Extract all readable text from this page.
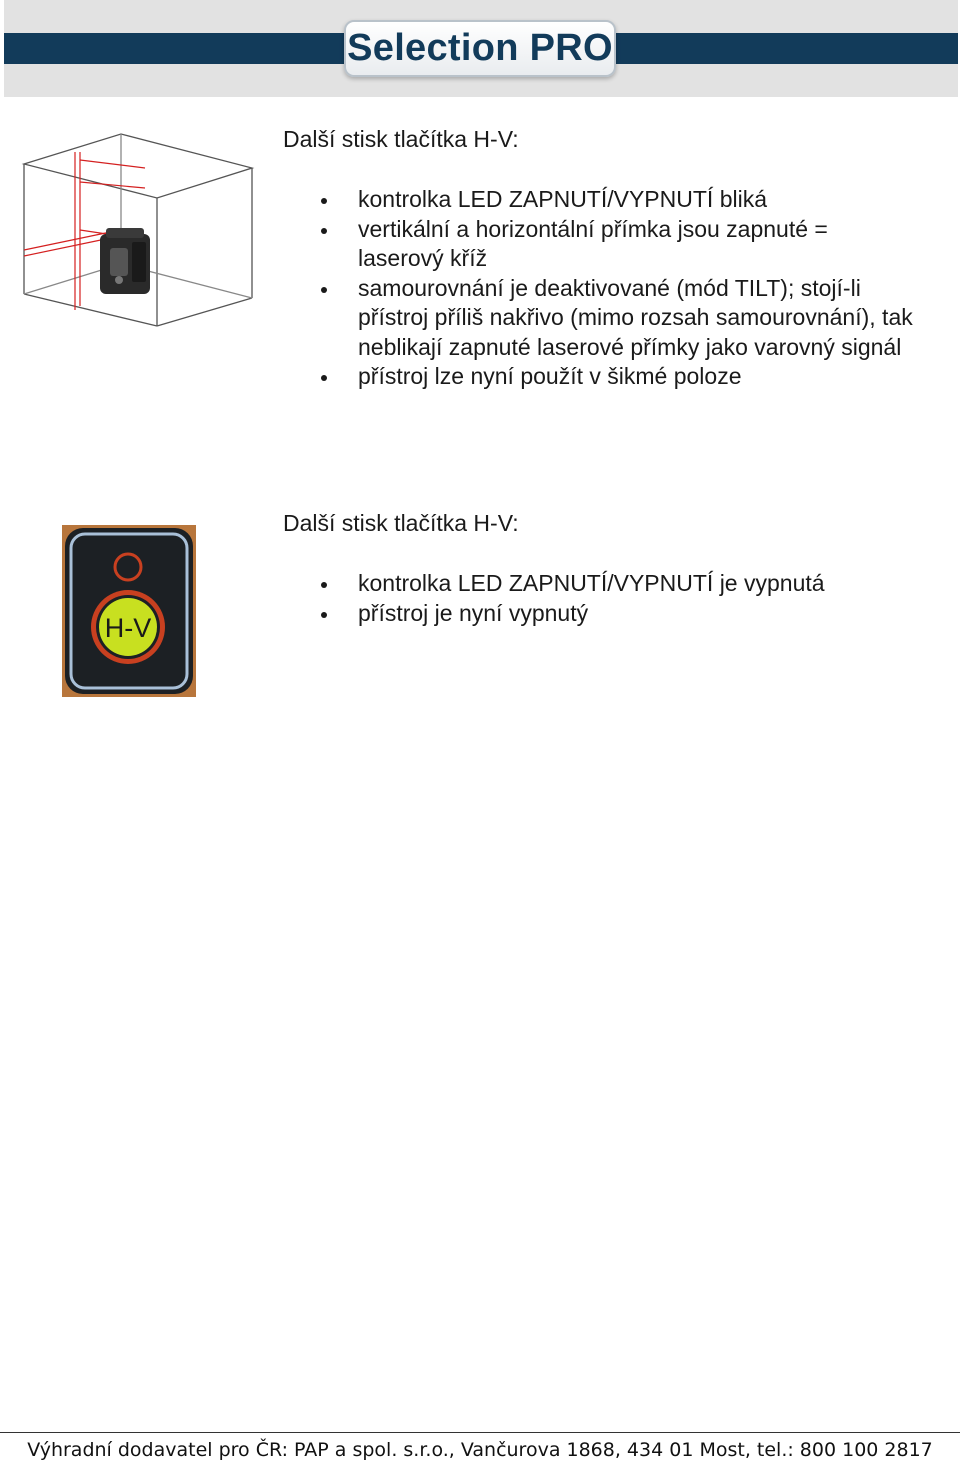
Selection PRO
Další stisk tlačítka H-V:
kontrolka LED ZAPNUTÍ/VYPNUTÍ bliká
vertikální a horizontální přímka jsou zapnuté = laserový kříž
samourovnání je deaktivované (mód TILT); stojí-li přístroj příliš nakřivo (mimo rozsah samourovnání), tak neblikají zapnuté laserové přímky jako varovný signál
přístroj lze nyní použít v šikmé poloze
H-V
Další stisk tlačítka H-V:
kontrolka LED ZAPNUTÍ/VYPNUTÍ je vypnutá
přístroj je nyní vypnutý
Výhradní dodavatel pro ČR: PAP a spol. s.r.o., Vančurova 1868, 434 01 Most, tel.: 800 100 2817
